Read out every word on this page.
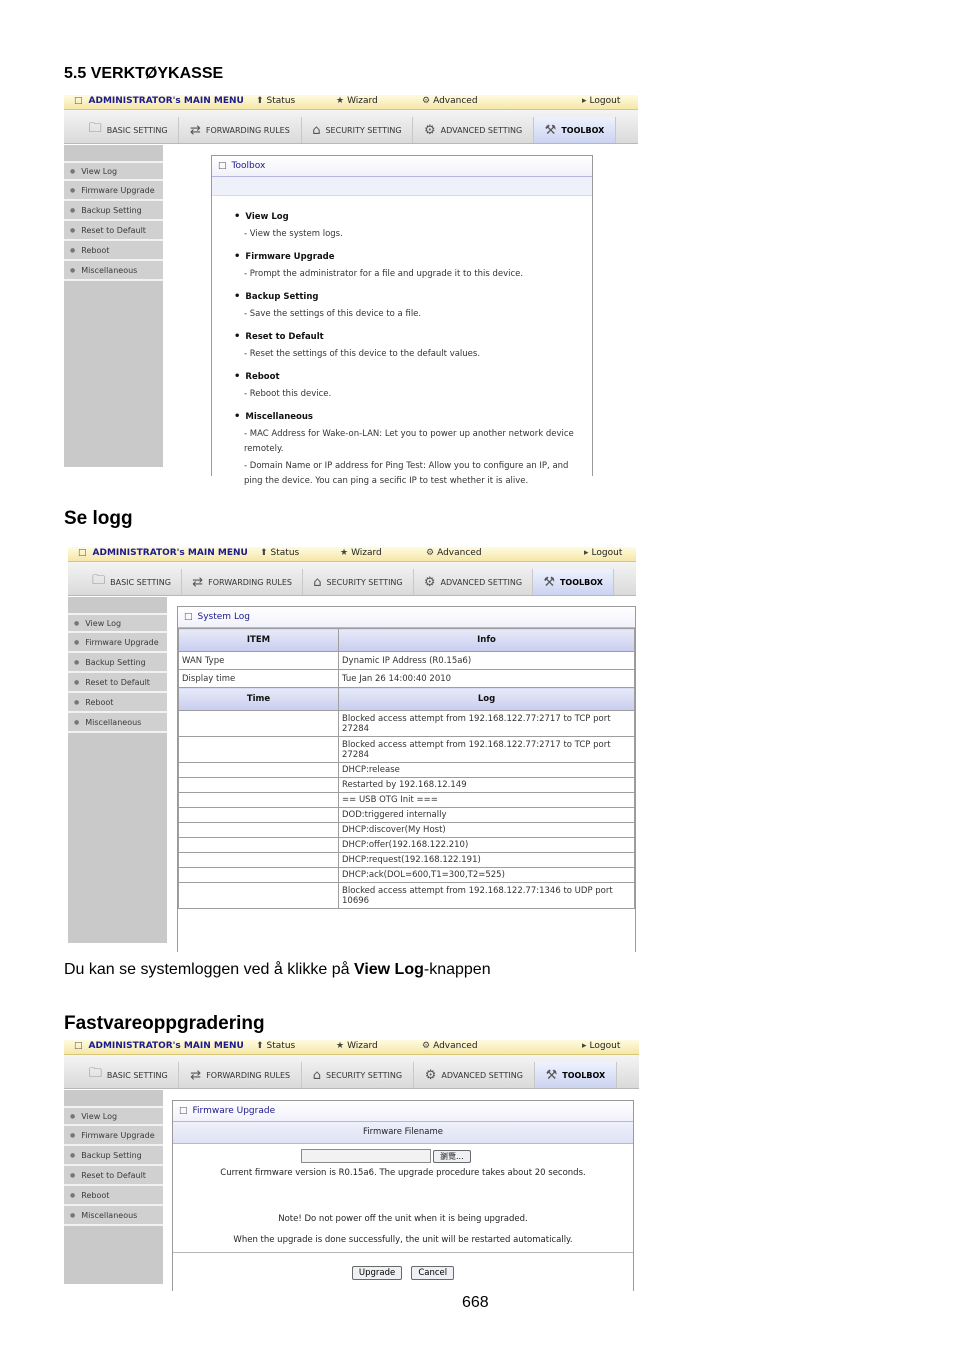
5.5 VERKTØYKASSE
□ ADMINISTRATOR's MAIN MENU ⬆ Status	★ Wizard	⚙ Advanced	▸ Logout
🗀 BASIC SETTING ⇄ FORWARDING RULES ⌂ SECURITY SETTING ⚙ ADVANCED SETTING ⚒ TOOLBOX
● View Log
● Firmware Upgrade
● Backup Setting
● Reset to Default
● Reboot
● Miscellaneous
□ Toolbox
• View Log
- View the system logs.
• Firmware Upgrade
- Prompt the administrator for a file and upgrade it to this device.
• Backup Setting
- Save the settings of this device to a file.
• Reset to Default
- Reset the settings of this device to the default values.
• Reboot
- Reboot this device.
• Miscellaneous
- MAC Address for Wake-on-LAN: Let you to power up another network device remotely.
- Domain Name or IP address for Ping Test: Allow you to configure an IP, and ping the device. You can ping a secific IP to test whether it is alive.
Se logg
□ ADMINISTRATOR's MAIN MENU ⬆ Status	★ Wizard	⚙ Advanced	▸ Logout
🗀 BASIC SETTING ⇄ FORWARDING RULES ⌂ SECURITY SETTING ⚙ ADVANCED SETTING ⚒ TOOLBOX
● View Log
● Firmware Upgrade
● Backup Setting
● Reset to Default
● Reboot
● Miscellaneous
□ System Log
ITEM	Info
WAN Type	Dynamic IP Address (R0.15a6)
Display time	Tue Jan 26 14:00:40 2010
Time	Log
	Blocked access attempt from 192.168.122.77:2717 to TCP port 27284
	Blocked access attempt from 192.168.122.77:2717 to TCP port 27284
	DHCP:release
	Restarted by 192.168.12.149
	== USB OTG Init ===
	DOD:triggered internally
	DHCP:discover(My Host)
	DHCP:offer(192.168.122.210)
	DHCP:request(192.168.122.191)
	DHCP:ack(DOL=600,T1=300,T2=525)
	Blocked access attempt from 192.168.122.77:1346 to UDP port 10696
Du kan se systemloggen ved å klikke på View Log-knappen
Fastvareoppgradering
□ ADMINISTRATOR's MAIN MENU ⬆ Status	★ Wizard	⚙ Advanced	▸ Logout
🗀 BASIC SETTING ⇄ FORWARDING RULES ⌂ SECURITY SETTING ⚙ ADVANCED SETTING ⚒ TOOLBOX
● View Log
● Firmware Upgrade
● Backup Setting
● Reset to Default
● Reboot
● Miscellaneous
□ Firmware Upgrade
Firmware Filename
瀏覽...
Current firmware version is R0.15a6. The upgrade procedure takes about 20 seconds.
Note! Do not power off the unit when it is being upgraded.
When the upgrade is done successfully, the unit will be restarted automatically.
Upgrade	Cancel
668
